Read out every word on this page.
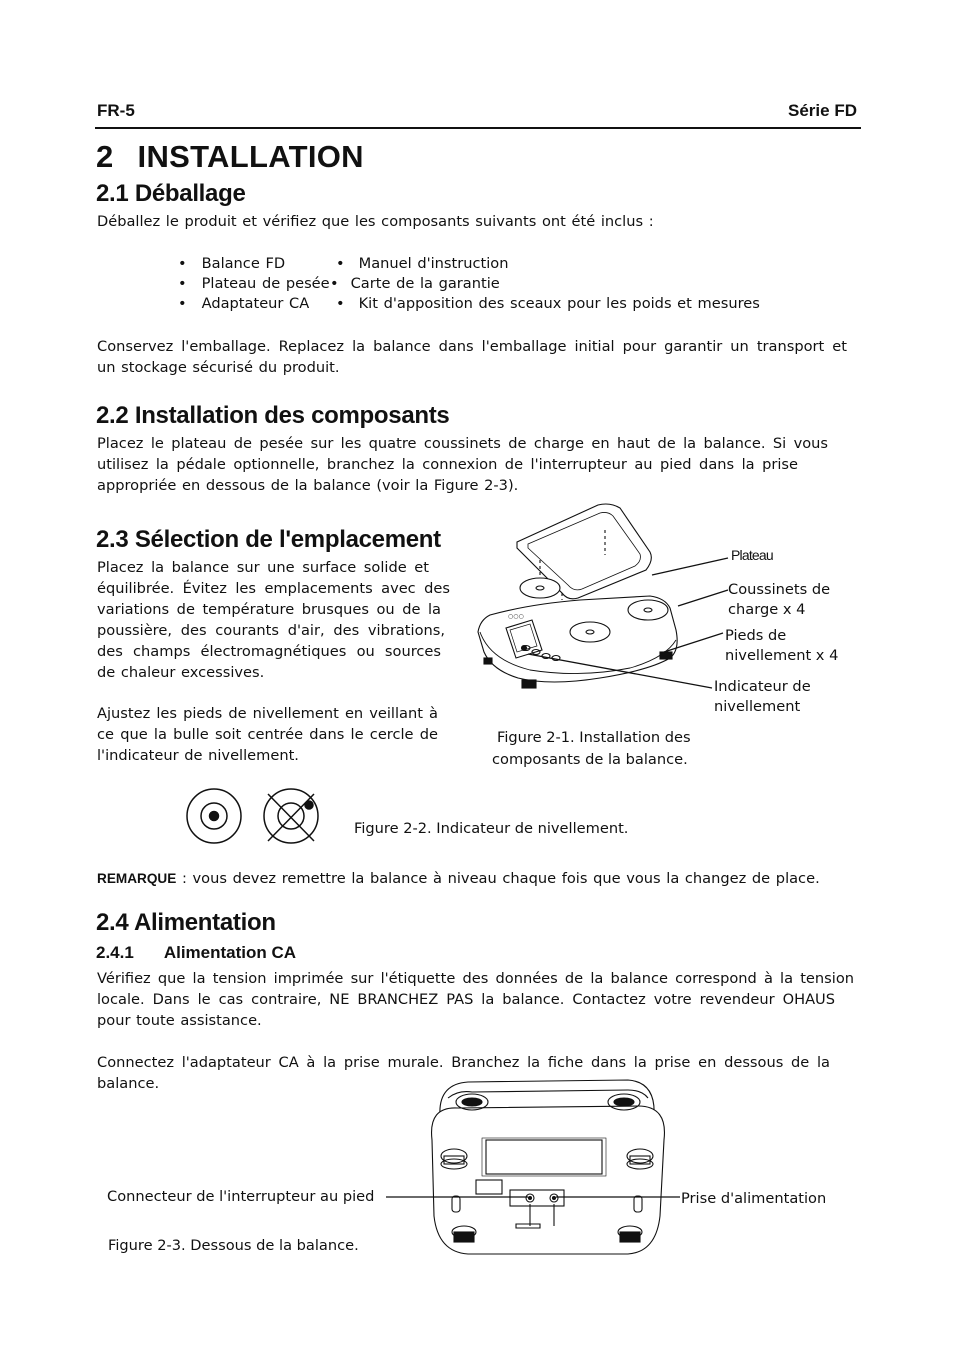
FR-5	Série FD
2 INSTALLATION
2.1 Déballage
Déballez le produit et vérifiez que les composants suivants ont été inclus :
• Balance FD
• Plateau de pesée
• Adaptateur CA
• Manuel d'instruction
• Carte de la garantie
• Kit d'apposition des sceaux pour les poids et mesures
Conservez l'emballage. Replacez la balance dans l'emballage initial pour garantir un transport et
un stockage sécurisé du produit.
2.2 Installation des composants
Placez le plateau de pesée sur les quatre coussinets de charge en haut de la balance. Si vous
utilisez la pédale optionnelle, branchez la connexion de l'interrupteur au pied dans la prise
appropriée en dessous de la balance (voir la Figure 2-3).
2.3 Sélection de l'emplacement
Placez la balance sur une surface solide et
équilibrée. Évitez les emplacements avec des
variations de température brusques ou de la
poussière, des courants d'air, des vibrations,
des champs électromagnétiques ou sources
de chaleur excessives.
Ajustez les pieds de nivellement en veillant à
ce que la bulle soit centrée dans le cercle de
l'indicateur de nivellement.
○○○
Plateau
Coussinets de
charge x 4
Pieds de
nivellement x 4
Indicateur de
nivellement
Figure 2-1. Installation des
composants de la balance.
Figure 2-2. Indicateur de nivellement.
REMARQUE : vous devez remettre la balance à niveau chaque fois que vous la changez de place.
2.4 Alimentation
2.4.1 Alimentation CA
Vérifiez que la tension imprimée sur l'étiquette des données de la balance correspond à la tension
locale. Dans le cas contraire, NE BRANCHEZ PAS la balance. Contactez votre revendeur OHAUS
pour toute assistance.
Connectez l'adaptateur CA à la prise murale. Branchez la fiche dans la prise en dessous de la
balance.
Connecteur de l'interrupteur au pied	Prise d'alimentation
Figure 2-3. Dessous de la balance.
